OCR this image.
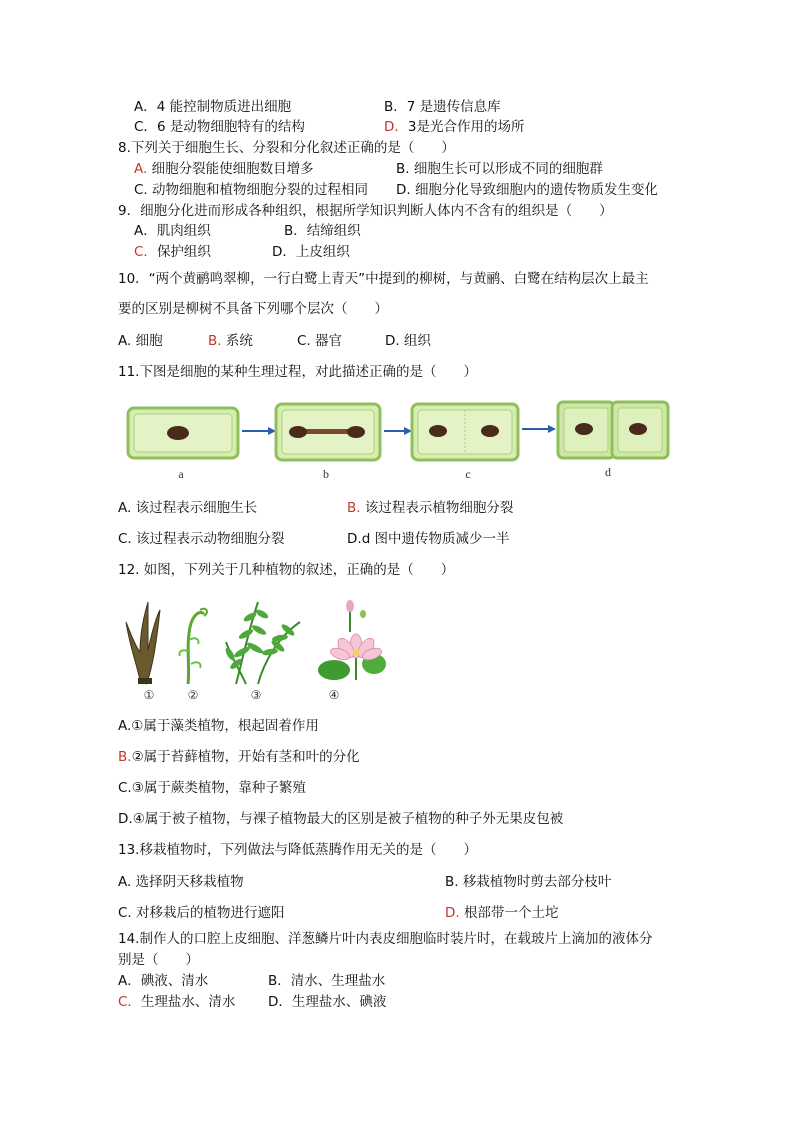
A．4 能控制物质进出细胞	B．7 是遗传信息库
C．6 是动物细胞特有的结构	D．3是光合作用的场所
8.下列关于细胞生长、分裂和分化叙述正确的是（　　）
A. 细胞分裂能使细胞数目增多	B. 细胞生长可以形成不同的细胞群
C. 动物细胞和植物细胞分裂的过程相同 D. 细胞分化导致细胞内的遗传物质发生变化
9．细胞分化进而形成各种组织，根据所学知识判断人体内不含有的组织是（　　）
A．肌肉组织	B．结缔组织
C．保护组织	D．上皮组织
10．“两个黄鹂鸣翠柳，一行白鹭上青天”中提到的柳树，与黄鹂、白鹭在结构层次上最主
要的区别是柳树不具备下列哪个层次（　　）
A. 细胞	B. 系统	C. 器官	D. 组织
11.下图是细胞的某种生理过程，对此描述正确的是（　　）
a	b	c	d
A. 该过程表示细胞生长	B. 该过程表示植物细胞分裂
C. 该过程表示动物细胞分裂	D.d 图中遗传物质减少一半
12. 如图，下列关于几种植物的叙述，正确的是（　　）
①	②	③	④
A.①属于藻类植物，根起固着作用
B.②属于苔藓植物，开始有茎和叶的分化
C.③属于蕨类植物，靠种子繁殖
D.④属于被子植物，与裸子植物最大的区别是被子植物的种子外无果皮包被
13.移栽植物时，下列做法与降低蒸腾作用无关的是（　　）
A. 选择阴天移栽植物	B. 移栽植物时剪去部分枝叶
C. 对移栽后的植物进行遮阳	D. 根部带一个土坨
14.制作人的口腔上皮细胞、洋葱鳞片叶内表皮细胞临时装片时，在载玻片上滴加的液体分
别是（　　）
A．碘液、清水	B．清水、生理盐水
C．生理盐水、清水 D．生理盐水、碘液
